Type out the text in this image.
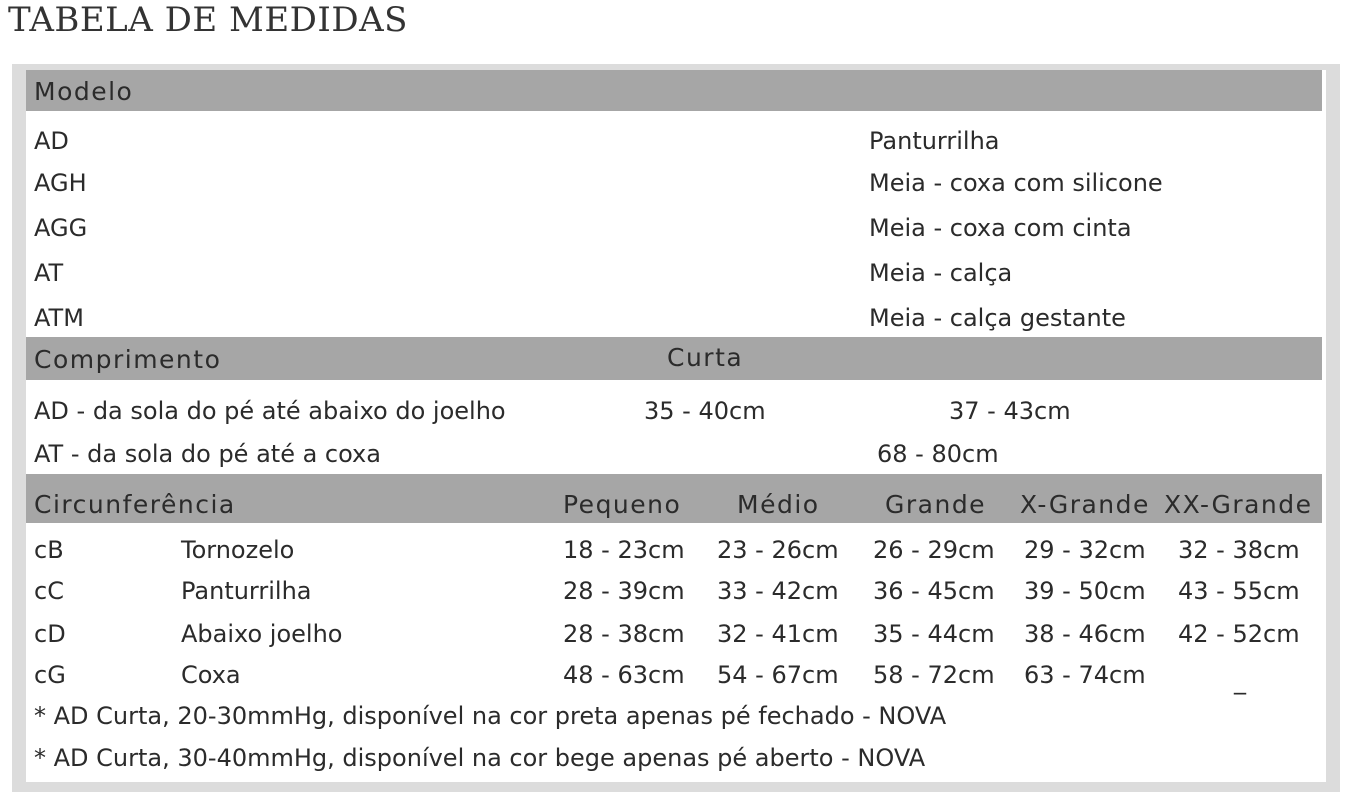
TABELA DE MEDIDAS
Modelo
AD	Panturrilha
AGH	Meia - coxa com silicone
AGG	Meia - coxa com cinta
AT	Meia - calça
ATM	Meia - calça gestante
Comprimento	Curta
AD - da sola do pé até abaixo do joelho	35 - 40cm	37 - 43cm
AT - da sola do pé até a coxa	68 - 80cm
Circunferência	Pequeno Médio	Grande X-Grande XX-Grande
cB	Tornozelo	18 - 23cm 23 - 26cm 26 - 29cm 29 - 32cm 32 - 38cm
cC	Panturrilha	28 - 39cm 33 - 42cm 36 - 45cm 39 - 50cm 43 - 55cm
cD	Abaixo joelho	28 - 38cm 32 - 41cm 35 - 44cm 38 - 46cm 42 - 52cm
cG	Coxa	48 - 63cm 54 - 67cm 58 - 72cm 63 - 74cm	_
* AD Curta, 20-30mmHg, disponível na cor preta apenas pé fechado - NOVA
* AD Curta, 30-40mmHg, disponível na cor bege apenas pé aberto - NOVA
